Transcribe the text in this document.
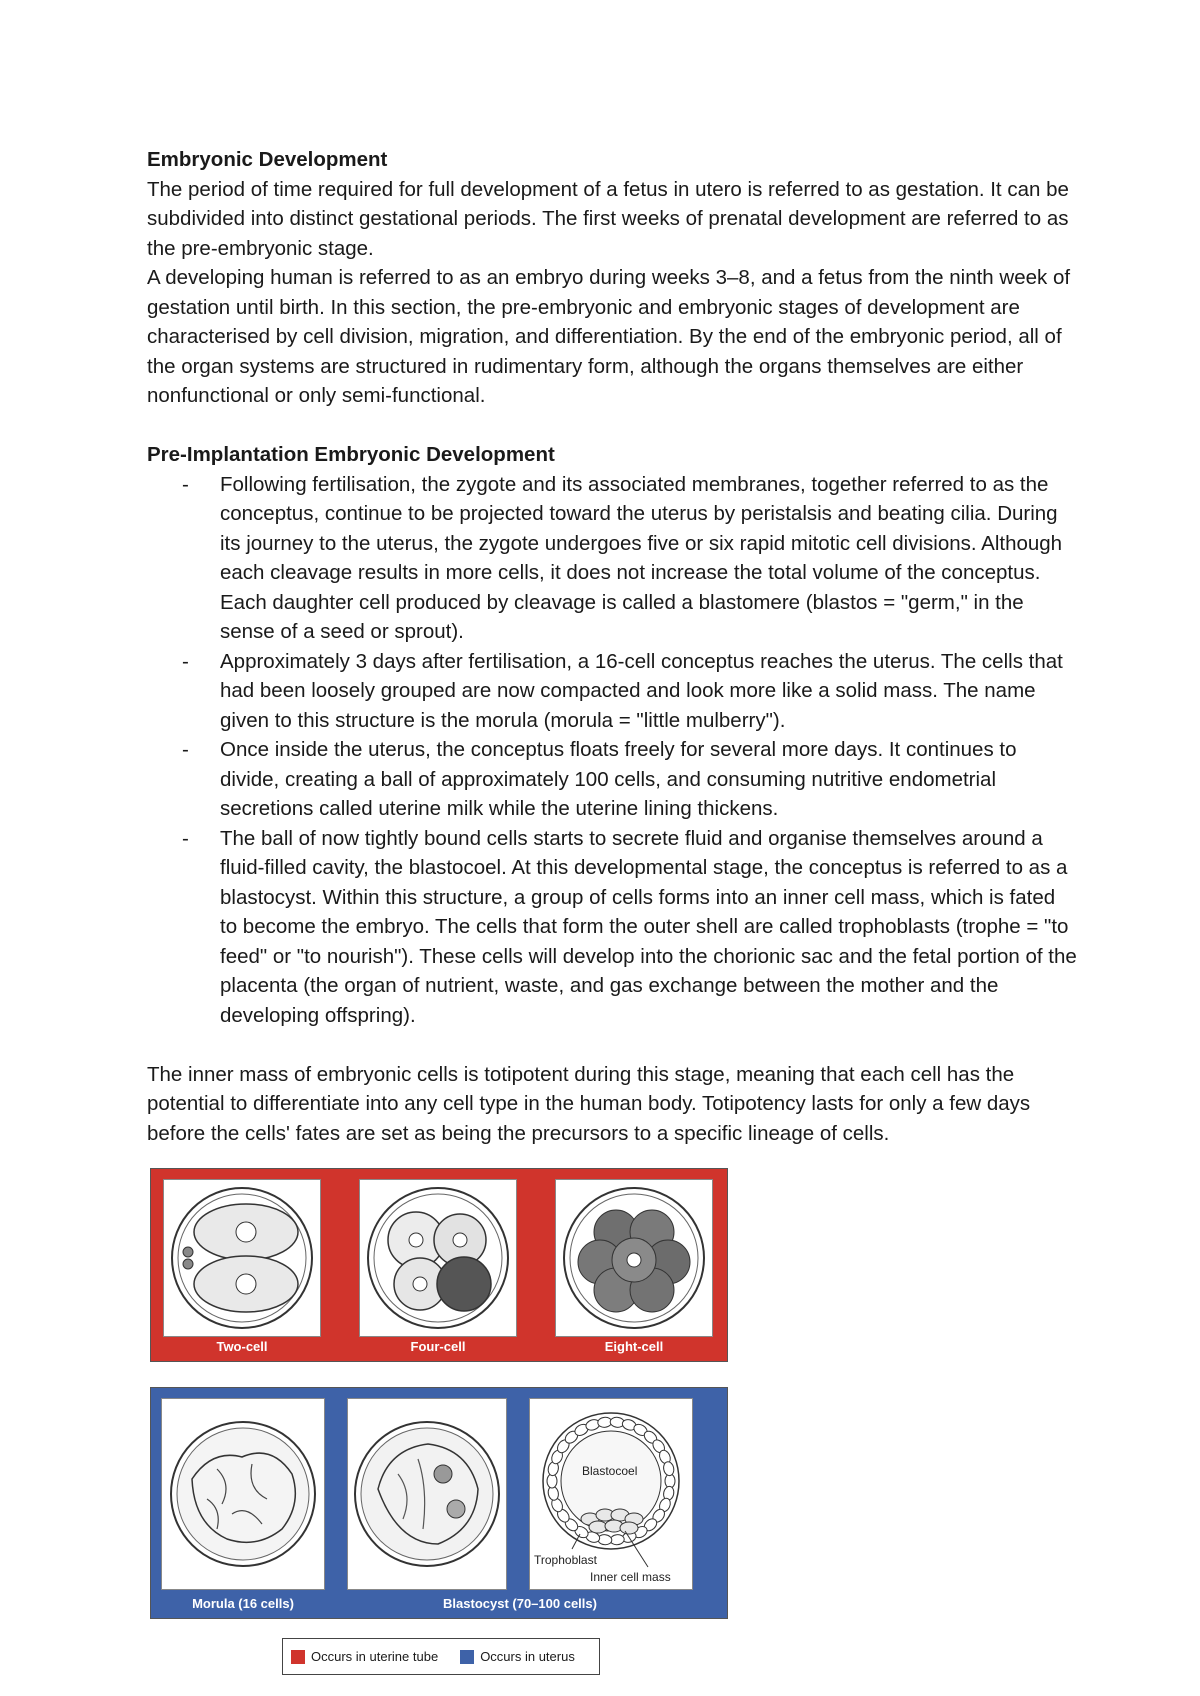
Embryonic Development

The period of time required for full development of a fetus in utero is referred to as gestation. It can be subdivided into distinct gestational periods. The first weeks of prenatal development are referred to as the pre-embryonic stage.

A developing human is referred to as an embryo during weeks 3–8, and a fetus from the ninth week of gestation until birth. In this section, the pre-embryonic and embryonic stages of development are characterised by cell division, migration, and differentiation. By the end of the embryonic period, all of the organ systems are structured in rudimentary form, although the organs themselves are either nonfunctional or only semi-functional.

Pre-Implantation Embryonic Development
- Following fertilisation, the zygote and its associated membranes, together referred to as the conceptus, continue to be projected toward the uterus by peristalsis and beating cilia. During its journey to the uterus, the zygote undergoes five or six rapid mitotic cell divisions. Although each cleavage results in more cells, it does not increase the total volume of the conceptus. Each daughter cell produced by cleavage is called a blastomere (blastos = "germ," in the sense of a seed or sprout).
- Approximately 3 days after fertilisation, a 16-cell conceptus reaches the uterus. The cells that had been loosely grouped are now compacted and look more like a solid mass. The name given to this structure is the morula (morula = "little mulberry").
- Once inside the uterus, the conceptus floats freely for several more days. It continues to divide, creating a ball of approximately 100 cells, and consuming nutritive endometrial secretions called uterine milk while the uterine lining thickens.
- The ball of now tightly bound cells starts to secrete fluid and organise themselves around a fluid-filled cavity, the blastocoel. At this developmental stage, the conceptus is referred to as a blastocyst. Within this structure, a group of cells forms into an inner cell mass, which is fated to become the embryo. The cells that form the outer shell are called trophoblasts (trophe = "to feed" or "to nourish"). These cells will develop into the chorionic sac and the fetal portion of the placenta (the organ of nutrient, waste, and gas exchange between the mother and the developing offspring).

The inner mass of embryonic cells is totipotent during this stage, meaning that each cell has the potential to differentiate into any cell type in the human body. Totipotency lasts for only a few days before the cells' fates are set as being the precursors to a specific lineage of cells.

Two-cell	Four-cell	Eight-cell
Blastocoel
Trophoblast
Inner cell mass
Morula (16 cells)	Blastocyst (70–100 cells)
Occurs in uterine tube	Occurs in uterus
